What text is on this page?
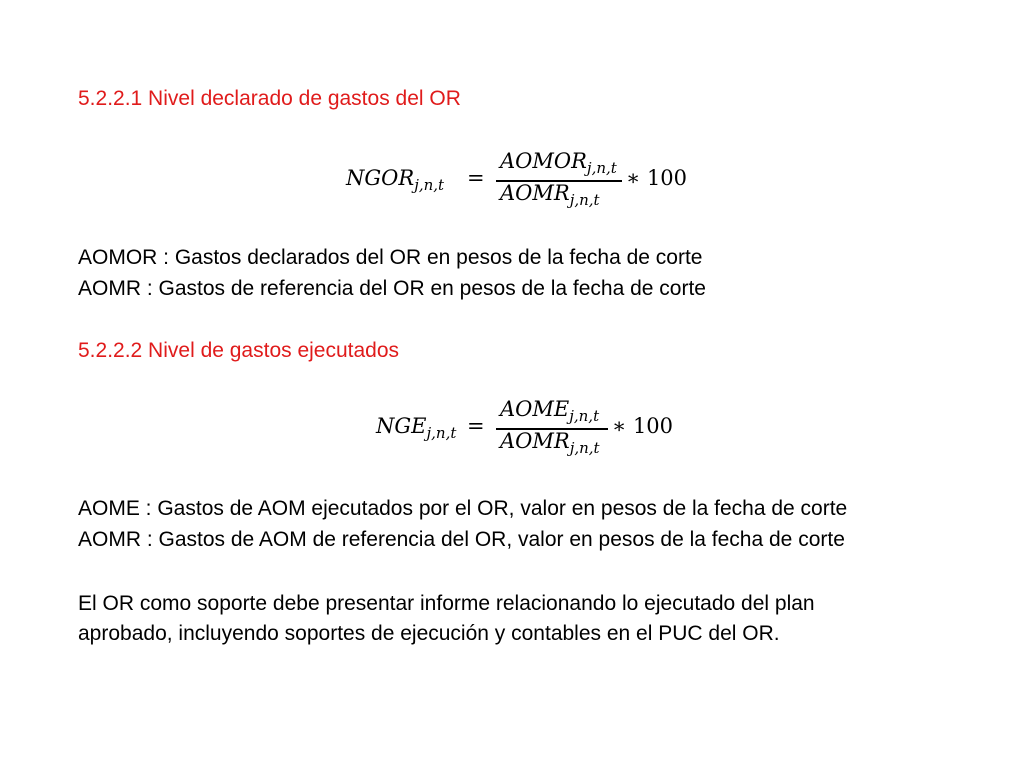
5.2.2.1 Nivel declarado de gastos del OR
$NGOR_{j,n,t}$ =
$AOMOR_{j,n,t}$
$AOMR_{j,n,t}$
∗ 100
AOMOR : Gastos declarados del OR en pesos de la fecha de corte
AOMR : Gastos de referencia del OR en pesos de la fecha de corte
5.2.2.2 Nivel de gastos ejecutados
$NGE_{j,n,t}$ =
$AOME_{j,n,t}$
$AOMR_{j,n,t}$
∗ 100
AOME : Gastos de AOM ejecutados por el OR, valor en pesos de la fecha de corte
AOMR : Gastos de AOM de referencia del OR, valor en pesos de la fecha de corte
El OR como soporte debe presentar informe relacionando lo ejecutado del plan
aprobado, incluyendo soportes de ejecución y contables en el PUC del OR.
